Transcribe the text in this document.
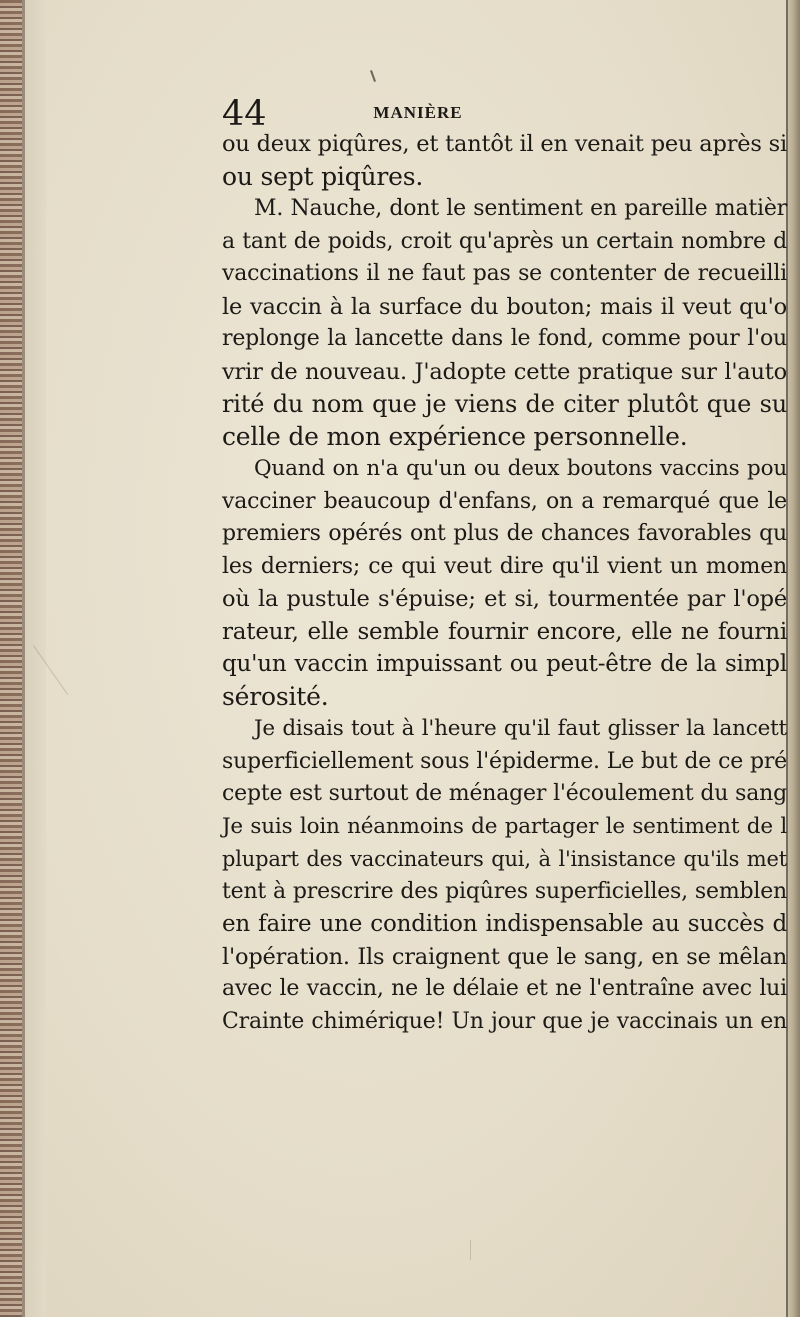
44	MANIÈRE
ou deux piqûres, et tantôt il en venait peu après si
ou sept piqûres.
M. Nauche, dont le sentiment en pareille matièr
a tant de poids, croit qu'après un certain nombre d
vaccinations il ne faut pas se contenter de recueilli
le vaccin à la surface du bouton; mais il veut qu'o
replonge la lancette dans le fond, comme pour l'ou
vrir de nouveau. J'adopte cette pratique sur l'auto
rité du nom que je viens de citer plutôt que su
celle de mon expérience personnelle.
Quand on n'a qu'un ou deux boutons vaccins pou
vacciner beaucoup d'enfans, on a remarqué que le
premiers opérés ont plus de chances favorables qu
les derniers; ce qui veut dire qu'il vient un momen
où la pustule s'épuise; et si, tourmentée par l'opé
rateur, elle semble fournir encore, elle ne fourni
qu'un vaccin impuissant ou peut-être de la simpl
sérosité.
Je disais tout à l'heure qu'il faut glisser la lancett
superficiellement sous l'épiderme. Le but de ce pré
cepte est surtout de ménager l'écoulement du sang
Je suis loin néanmoins de partager le sentiment de l
plupart des vaccinateurs qui, à l'insistance qu'ils met
tent à prescrire des piqûres superficielles, semblen
en faire une condition indispensable au succès d
l'opération. Ils craignent que le sang, en se mêlan
avec le vaccin, ne le délaie et ne l'entraîne avec lui
Crainte chimérique! Un jour que je vaccinais un en
